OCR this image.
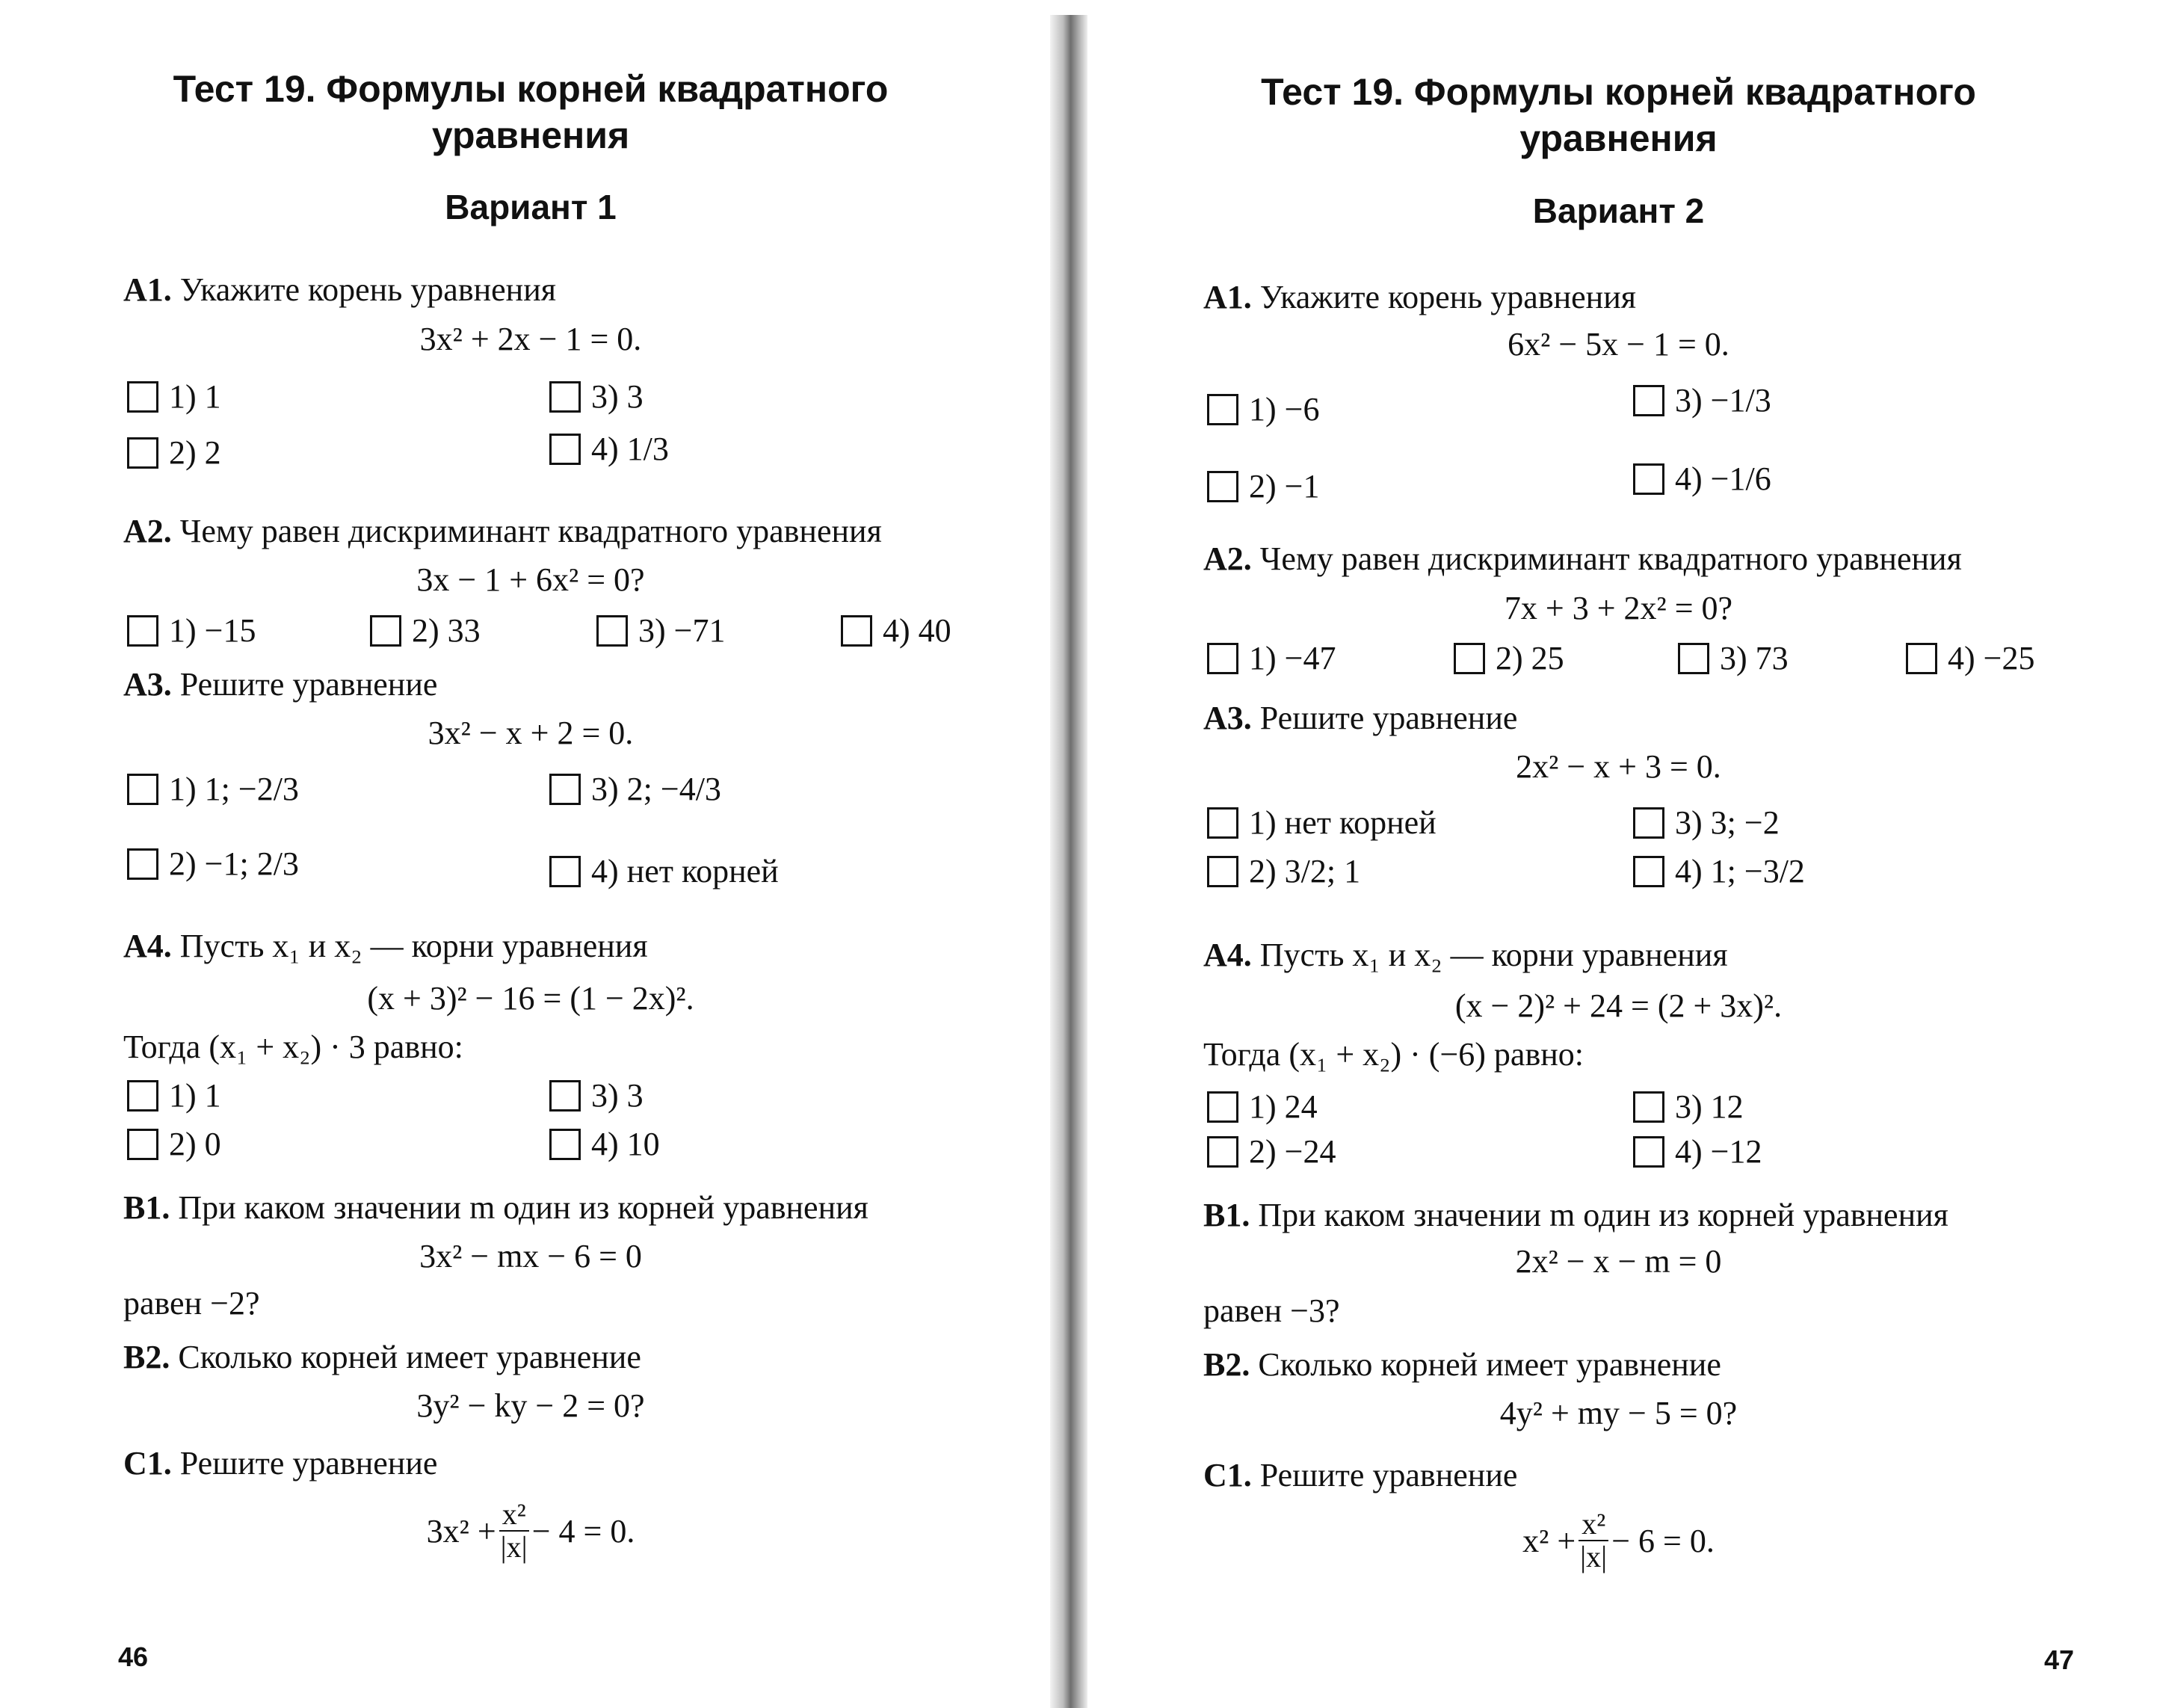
Тест 19. Формулы корней квадратного
уравнения
Вариант 1
А1. Укажите корень уравнения
3x² + 2x − 1 = 0.
1) 1	3) 3
2) 2	4) 1/3
А2. Чему равен дискриминант квадратного уравнения
3x − 1 + 6x² = 0?
1) −15	2) 33	3) −71	4) 40
А3. Решите уравнение
3x² − x + 2 = 0.
1) 1; −2/3	3) 2; −4/3
2) −1; 2/3	4) нет корней
А4. Пусть x₁ и x₂ — корни уравнения
(x + 3)² − 16 = (1 − 2x)².
Тогда (x₁ + x₂) · 3 равно:
1) 1	3) 3
2) 0	4) 10
В1. При каком значении m один из корней уравнения
3x² − mx − 6 = 0
равен −2?
В2. Сколько корней имеет уравнение
3y² − ky − 2 = 0?
С1. Решите уравнение
$3x^2 + \frac{\text{x²}}{|x|} - 4 = 0$.
46
Тест 19. Формулы корней квадратного
уравнения
Вариант 2
А1. Укажите корень уравнения
6x² − 5x − 1 = 0.
1) −6	3) −1/3
2) −1	4) −1/6
А2. Чему равен дискриминант квадратного уравнения
7x + 3 + 2x² = 0?
1) −47	2) 25	3) 73	4) −25
А3. Решите уравнение
2x² − x + 3 = 0.
1) нет корней	3) 3; −2
2) 3/2; 1	4) 1; −3/2
А4. Пусть x₁ и x₂ — корни уравнения
(x − 2)² + 24 = (2 + 3x)².
Тогда (x₁ + x₂) · (−6) равно:
1) 24	3) 12
2) −24	4) −12
В1. При каком значении m один из корней уравнения
2x² − x − m = 0
равен −3?
В2. Сколько корней имеет уравнение
4y² + my − 5 = 0?
С1. Решите уравнение
$x^2 + \frac{\text{x²}}{|x|} - 6 = 0$.
47
